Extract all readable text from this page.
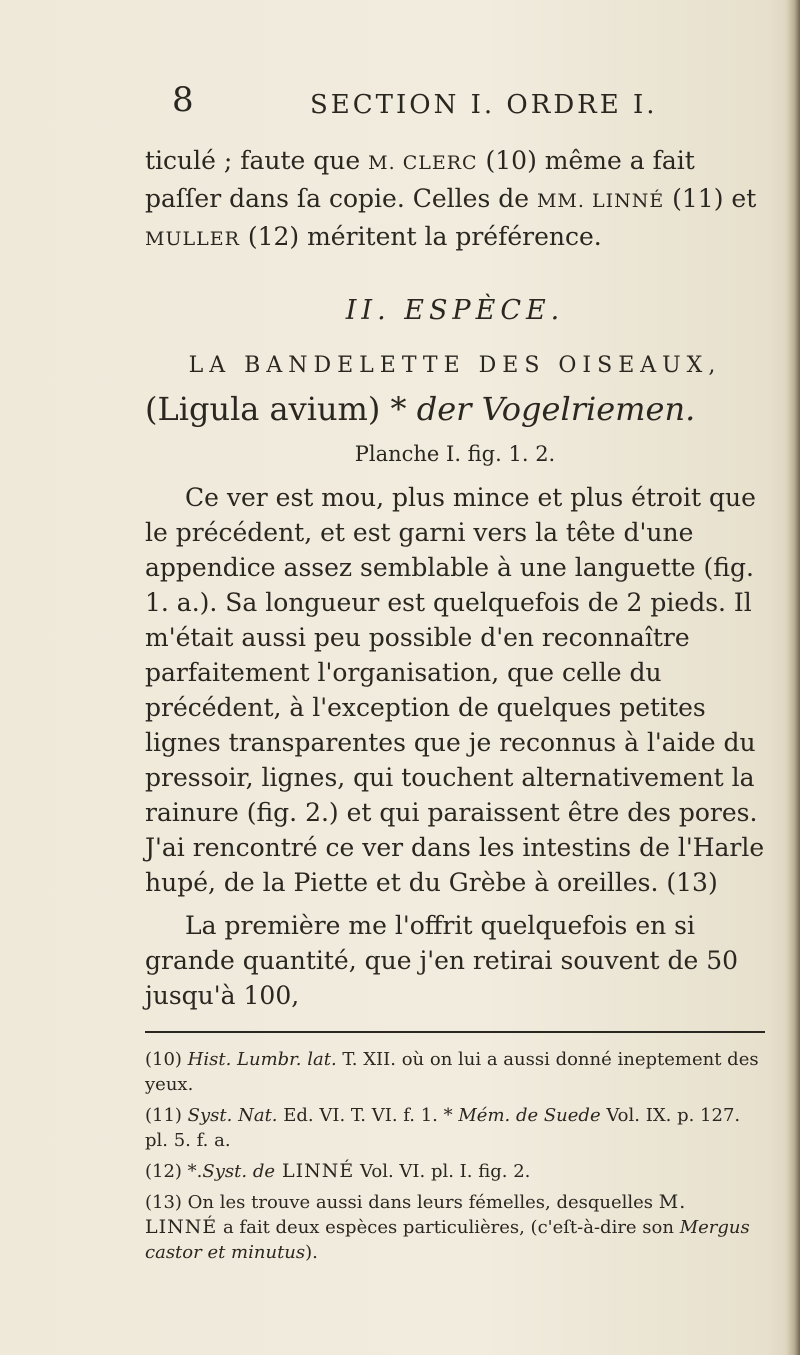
8	SECTION I. ORDRE I.

ticulé ; faute que M. CLERC (10) même a fait paſſer dans ſa copie. Celles de MM. LINNÉ (11) et MULLER (12) méritent la préférence.

II. ESPÈCE.

LA BANDELETTE DES OISEAUX,

(Ligula avium) * der Vogelriemen.

Planche I. fig. 1. 2.

Ce ver est mou, plus mince et plus étroit que le précédent, et est garni vers la tête d'une appendice assez semblable à une languette (fig. 1. a.). Sa longueur est quelquefois de 2 pieds. Il m'était aussi peu possible d'en reconnaître parfaitement l'organisation, que celle du précédent, à l'exception de quelques petites lignes transparentes que je reconnus à l'aide du pressoir, lignes, qui touchent alternativement la rainure (fig. 2.) et qui paraissent être des pores. J'ai rencontré ce ver dans les intestins de l'Harle hupé, de la Piette et du Grèbe à oreilles. (13)

La première me l'offrit quelquefois en si grande quantité, que j'en retirai souvent de 50 jusqu'à 100,

(10) Hist. Lumbr. lat. T. XII. où on lui a aussi donné ineptement des yeux.

(11) Syst. Nat. Ed. VI. T. VI. f. 1. * Mém. de Suede Vol. IX. p. 127. pl. 5. f. a.

(12) *.Syst. de LINNÉ Vol. VI. pl. I. fig. 2.

(13) On les trouve aussi dans leurs fémelles, desquelles M. LINNÉ a fait deux espèces particulières, (c'eſt-à-dire son Mergus castor et minutus).
